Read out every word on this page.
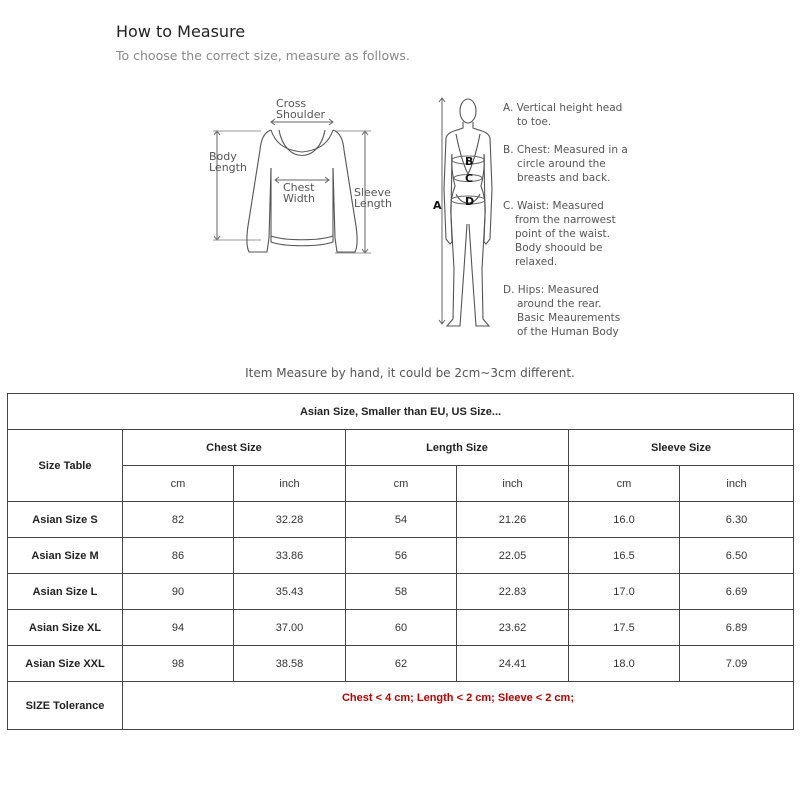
How to Measure
To choose the correct size, measure as follows.
Cross
Shoulder
Body
Length
Chest
Width	Sleeve
Length	A
B
C
D
A. Vertical height head
to toe.
B. Chest: Measured in a
circle around the
breasts and back.
C. Waist: Measured
from the narrowest
point of the waist.
Body shoould be
relaxed.
D. Hips: Measured
around the rear.
Basic Meaurements
of the Human Body
Item Measure by hand, it could be 2cm~3cm different.
Asian Size, Smaller than EU, US Size...						
Size Table	Chest Size		Length Size		Sleeve Size	
	cm	inch	cm	inch	cm	inch
Asian Size S	82	32.28	54	21.26	16.0	6.30
Asian Size M	86	33.86	56	22.05	16.5	6.50
Asian Size L	90	35.43	58	22.83	17.0	6.69
Asian Size XL	94	37.00	60	23.62	17.5	6.89
Asian Size XXL	98	38.58	62	24.41	18.0	7.09
SIZE Tolerance	Chest < 4 cm; Length < 2 cm; Sleeve < 2 cm;					
